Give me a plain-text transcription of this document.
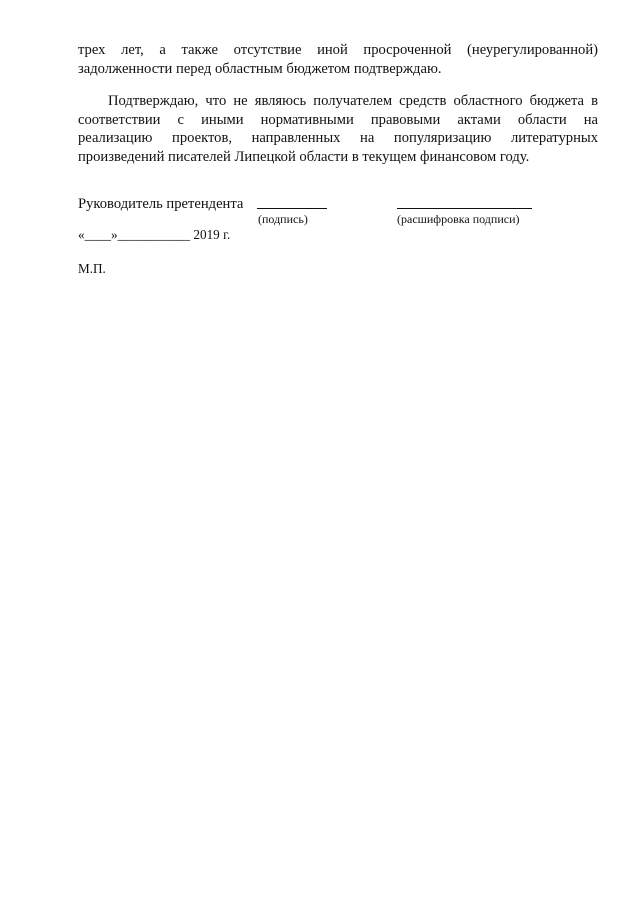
трех лет, а также отсутствие иной просроченной (неурегулированной)
задолженности перед областным бюджетом подтверждаю.
Подтверждаю, что не являюсь получателем средств областного бюджета в
соответствии с иными нормативными правовыми актами области на
реализацию проектов, направленных на популяризацию литературных
произведений писателей Липецкой области в текущем финансовом году.
Руководитель претендента
(подпись)	(расшифровка подписи)
«____»___________ 2019 г.
М.П.
